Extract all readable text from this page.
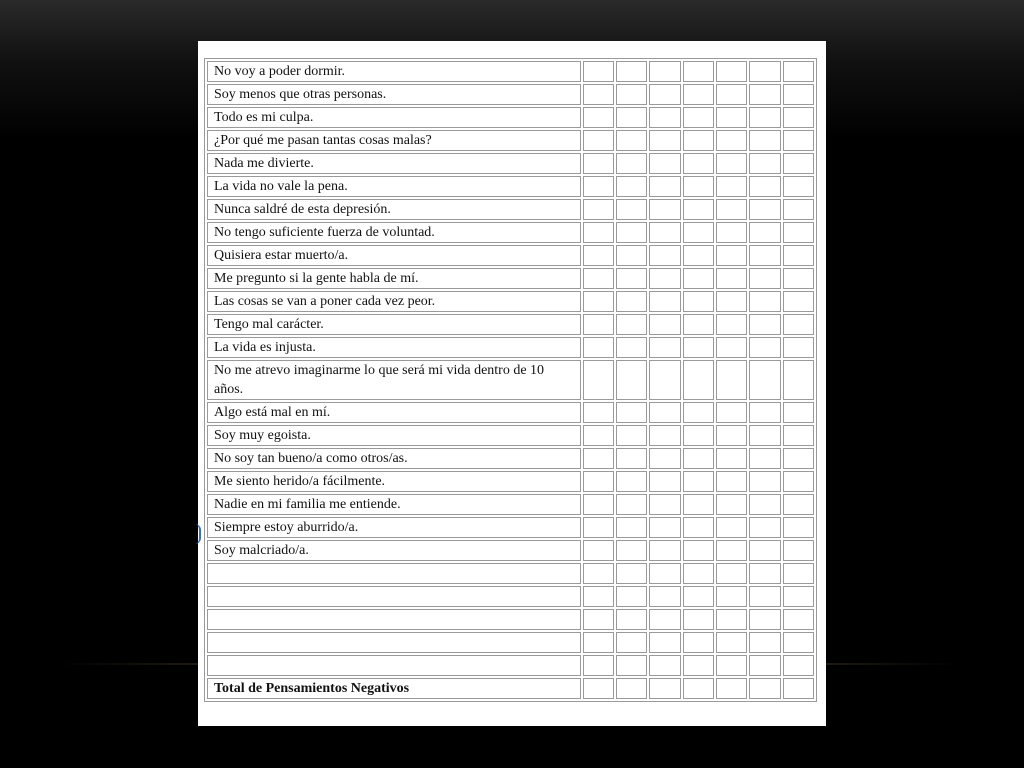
No voy a poder dormir.							
Soy menos que otras personas.							
Todo es mi culpa.							
¿Por qué me pasan tantas cosas malas?							
Nada me divierte.							
La vida no vale la pena.							
Nunca saldré de esta depresión.							
No tengo suficiente fuerza de voluntad.							
Quisiera estar muerto/a.							
Me pregunto si la gente habla de mí.							
Las cosas se van a poner cada vez peor.							
Tengo mal carácter.							
La vida es injusta.							
No me atrevo imaginarme lo que será mi vida dentro de 10 años.							
Algo está mal en mí.							
Soy muy egoista.							
No soy tan bueno/a como otros/as.							
Me siento herido/a fácilmente.							
Nadie en mi familia me entiende.							
Siempre estoy aburrido/a.							
Soy malcriado/a.							

Total de Pensamientos Negativos							
